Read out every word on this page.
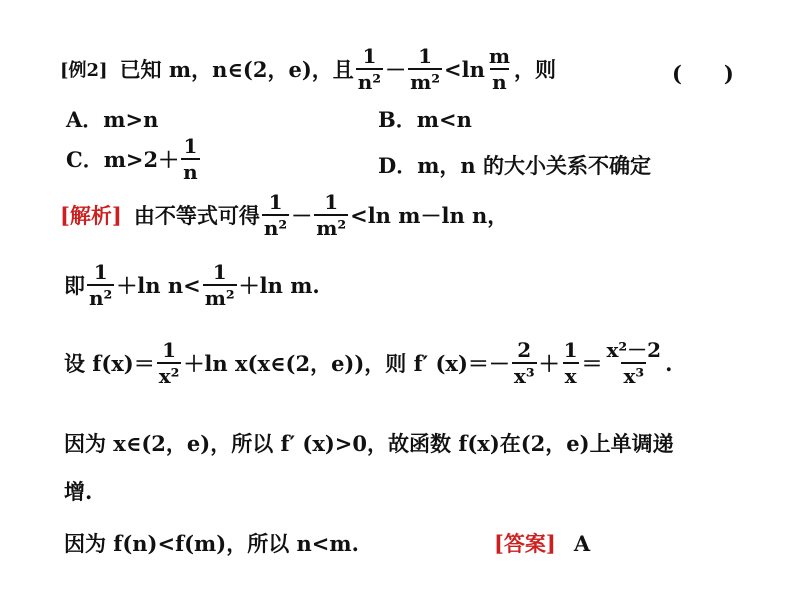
[例2] 已知 m，n∈(2，e)，且 $\frac{1}{\text{n²}} - \frac{1}{\text{m²}} <\ln \frac{m}{n}$ ，则	(　　)
A．m>n	B．m<n
C．$m>2+ \frac{1}{n}$	D．m，n 的大小关系不确定
[解析] 由不等式可得 $\frac{1}{\text{n²}} - \frac{1}{\text{m²}} <\ln$ m－ln n，
即 $\frac{1}{\text{n²}} +\ln$ $n< \frac{1}{\text{m²}} +\ln$ m.
设 $f(x)= \frac{1}{\text{x²}} +\ln$ x(x∈(2，e))，则 f′ $(x)=- \frac{2}{\text{x³}} + \frac{1}{x} = \frac{\text{x²－2}}{\text{x³}}$ .
因为 x∈(2，e)，所以 f′ (x)>0，故函数 f(x)在(2，e)上单调递
增.
因为 f(n)<f(m)，所以 n<m.	[答案] A
